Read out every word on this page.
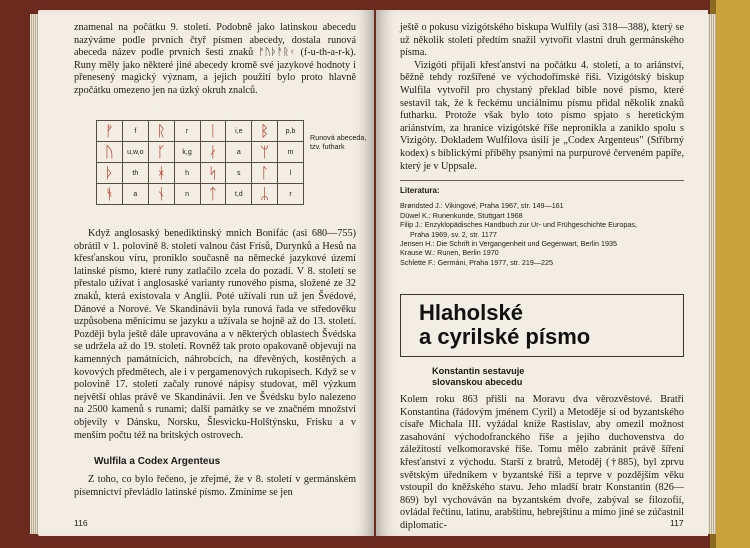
znamenal na počátku 9. století. Podobně jako latinskou abecedu nazýváme podle prvních čtyř písmen abecedy, dostala runová abeceda název podle prvních šesti znaků ᚠᚢᚦᚨᚱᚲ (f-u-th-a-r-k). Runy měly jako některé jiné abecedy kromě své jazykové hodnoty i přenesený magický význam, a jejich použití bylo proto hlavně zpočátku omezeno jen na úzký okruh znalců.

ᚠ	f	ᚱ	r	ᛁ	i,e	ᛒ	p,b
ᚢ	u,w,o	ᚴ	k,g	ᛅ	a	ᛘ	m
ᚦ	th	ᚼ	h	ᛋ	s	ᛚ	l
ᚬ	a	ᚾ	n	ᛏ	t,d	ᛦ	r
Runová abeceda, tzv. futhark

Když anglosaský benediktinský mnich Bonifác (asi 680—755) obrátil v 1. polovině 8. století valnou část Frísů, Durynků a Hesů na křesťanskou víru, proniklo současně na německé jazykové území latinské písmo, které runy zatlačilo zcela do pozadí. V 8. století se přestalo užívat i anglosaské varianty runového písma, složené ze 32 znaků, která existovala v Anglii. Poté užívali run už jen Švédové, Dánové a Norové. Ve Skandinávii byla runová řada ve středověku uzpůsobena měnícímu se jazyku a užívala se hojně až do 13. století. Později byla ještě dále upravována a v některých oblastech Švédska se udržela až do 19. století. Rovněž tak proto opakovaně objevují na kamenných památnících, náhrobcích, na dřevěných, kostěných a kovových předmětech, ale i v pergamenových rukopisech. Když se v polovině 17. století začaly runové nápisy studovat, měl výzkum největší ohlas právě ve Skandinávii. Jen ve Švédsku bylo nalezeno na 2500 kamenů s runami; další památky se ve značném množství objevily v Dánsku, Norsku, Šlesvicku-Holštýnsku, Frisku a v menším počtu též na britských ostrovech.

Wulfila a Codex Argenteus

Z toho, co bylo řečeno, je zřejmé, že v 8. století v germánském písemnictví převládlo latinské písmo. Zmíníme se jen

116

ještě o pokusu vizigótského biskupa Wulfily (asi 318—388), který se už několik století předtím snažil vytvořit vlastní druh germánského písma.

Vizigóti přijali křesťanství na počátku 4. století, a to ariánství, běžně tehdy rozšířené ve východořímské říši. Vizigótský biskup Wulfila vytvořil pro chystaný překlad bible nové písmo, které sestavil tak, že k řeckému unciálnímu písmu přidal několik znaků futharku. Protože však bylo toto písmo spjato s heretickým ariánstvím, za hranice vizigótské říše nepronikla a zaniklo spolu s Vizigóty. Dokladem Wulfilova úsilí je „Codex Argenteus" (Stříbrný kodex) s biblickými příběhy psanými na purpurové červeném papíře, který je v Uppsale.

Literatura:
Brøndsted J.: Vikingové, Praha 1967, str. 149—161
Düwel K.: Runenkunde, Stuttgart 1968
Filip J.: Enzyklopädisches Handbuch zur Ur- und Frühgeschichte Europas,
Praha 1969, sv. 2, str. 1177
Jensen H.: Die Schrift in Vergangenheit und Gegenwart, Berlin 1935
Krause W.: Runen, Berlin 1970
Schlette F.: Germáni, Praha 1977, str. 219—225
Hlaholské
a cyrilské písmo
Konstantin sestavuje
slovanskou abecedu

Kolem roku 863 přišli na Moravu dva věrozvěstové. Bratři Konstantina (řádovým jménem Cyril) a Metoděje si od byzantského císaře Michala III. vyžádal kníže Rastislav, aby omezil možnost zasahování východofranckého říše a jejího duchovenstva do záležitostí velkomoravské říše. Tomu mělo zabránit právě šíření křesťanství z východu. Starší z bratrů, Metoděj (†885), byl zprvu světským úředníkem v byzantské říši a teprve v pozdějším věku vstoupil do kněžského stavu. Jeho mladší bratr Konstantin (826—869) byl vychováván na byzantském dvoře, zabýval se filozofií, ovládal řečtinu, latinu, arabštinu, hebrejštinu a mimo jiné se zúčastnil diplomatic-	117
